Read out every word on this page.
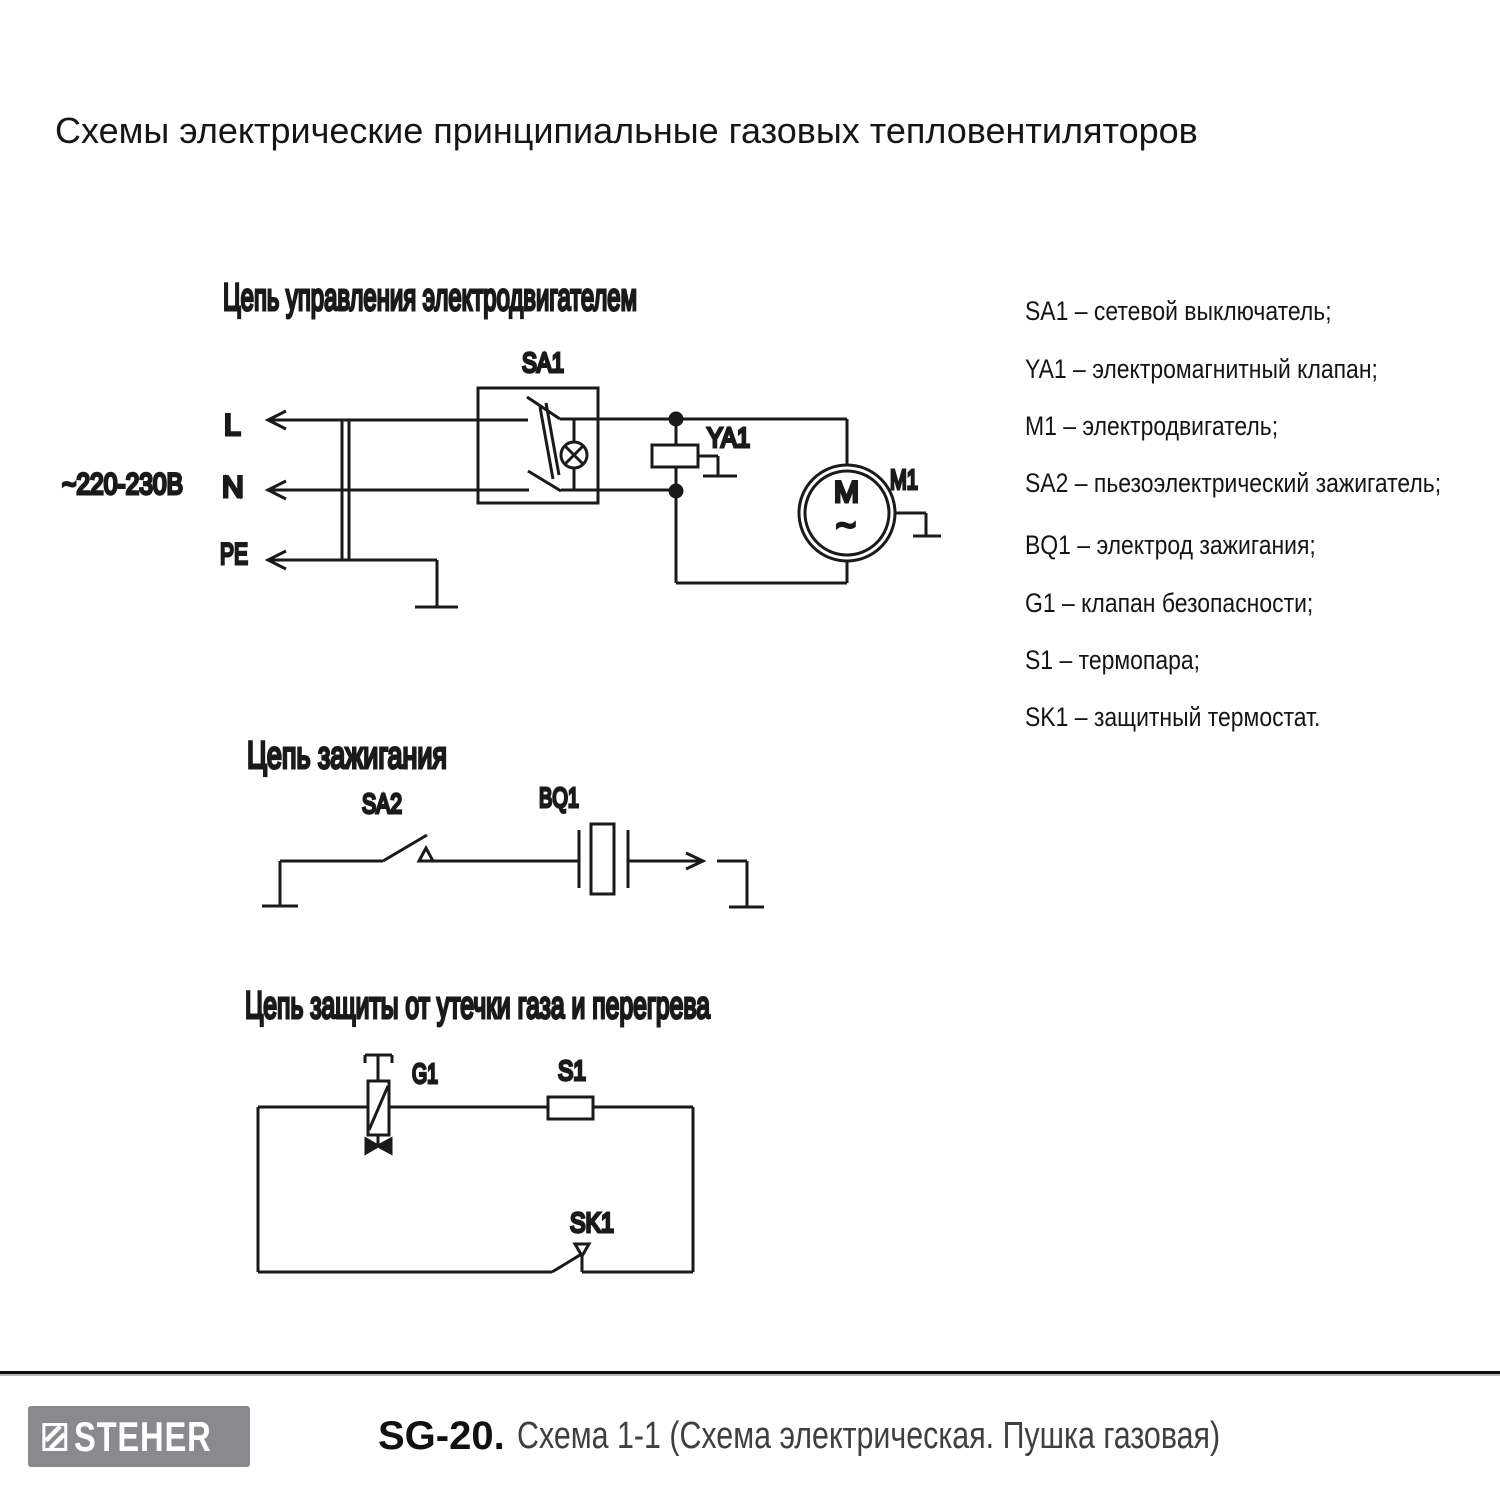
Схемы электрические принципиальные газовых тепловентиляторов
Цепь управления электродвигателем
Цепь зажигания
Цепь защиты от утечки газа и перегрева
~220-230В
L
N
PE
SA1
YA1
M1
M
~
SA2	BQ1
G1	S1
SK1
SA1 – сетевой выключатель;
YA1 – электромагнитный клапан;
M1 – электродвигатель;
SA2 – пьезоэлектрический зажигатель;
BQ1 – электрод зажигания;
G1 – клапан безопасности;
S1 – термопара;
SK1 – защитный термостат.
STEHER	SG-20. Схема 1-1 (Схема электрическая. Пушка газовая)
